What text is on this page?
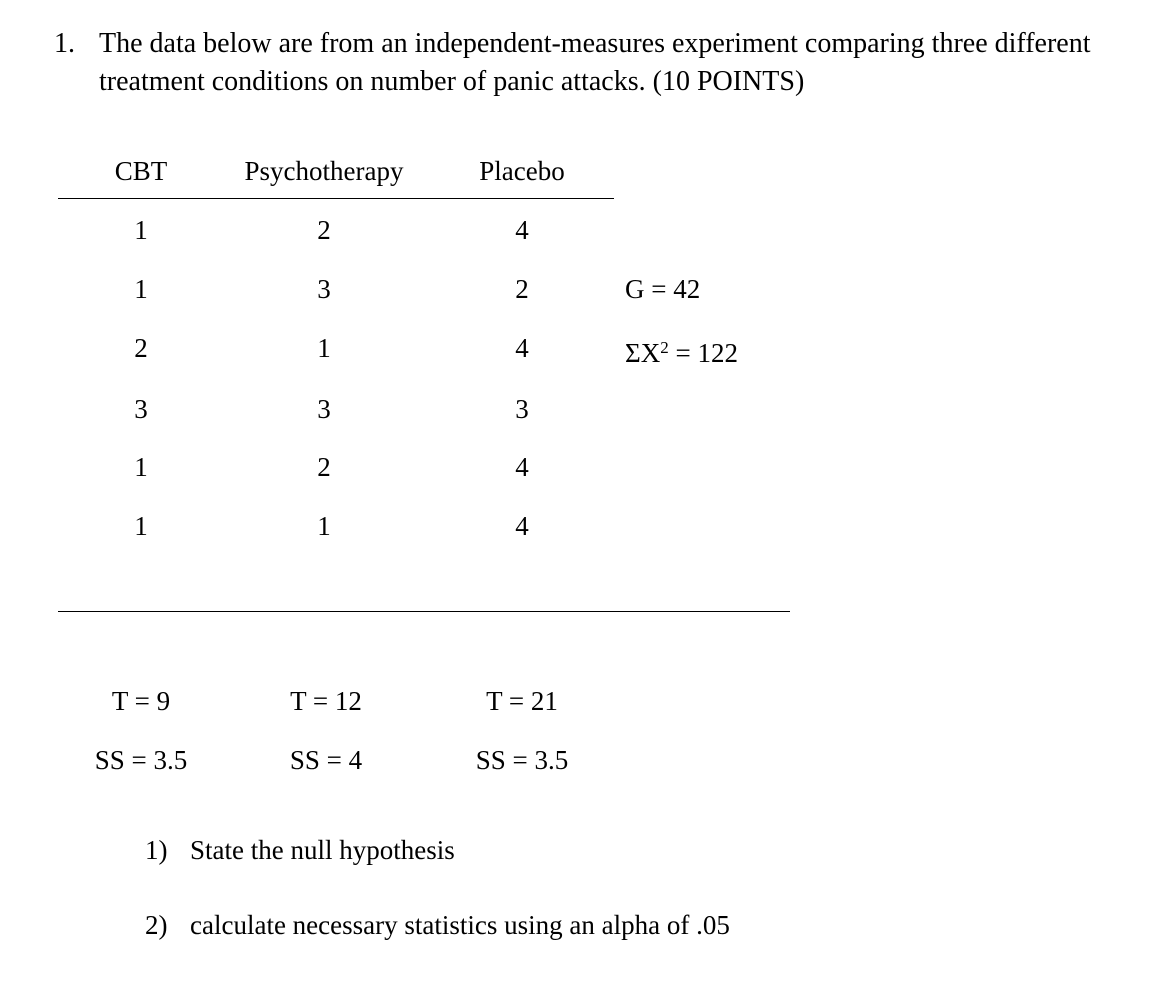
1. The data below are from an independent-measures experiment comparing three different
treatment conditions on number of panic attacks. (10 POINTS)
CBT	Psychotherapy	Placebo
1	2	4
1	3	2
2	1	4
3	3	3
1	2	4
1	1	4
G = 42
$\Sigma X^2 = 122$
T = 9	T = 12	T = 21
SS = 3.5	SS = 4	SS = 3.5
1) State the null hypothesis
2) calculate necessary statistics using an alpha of .05
